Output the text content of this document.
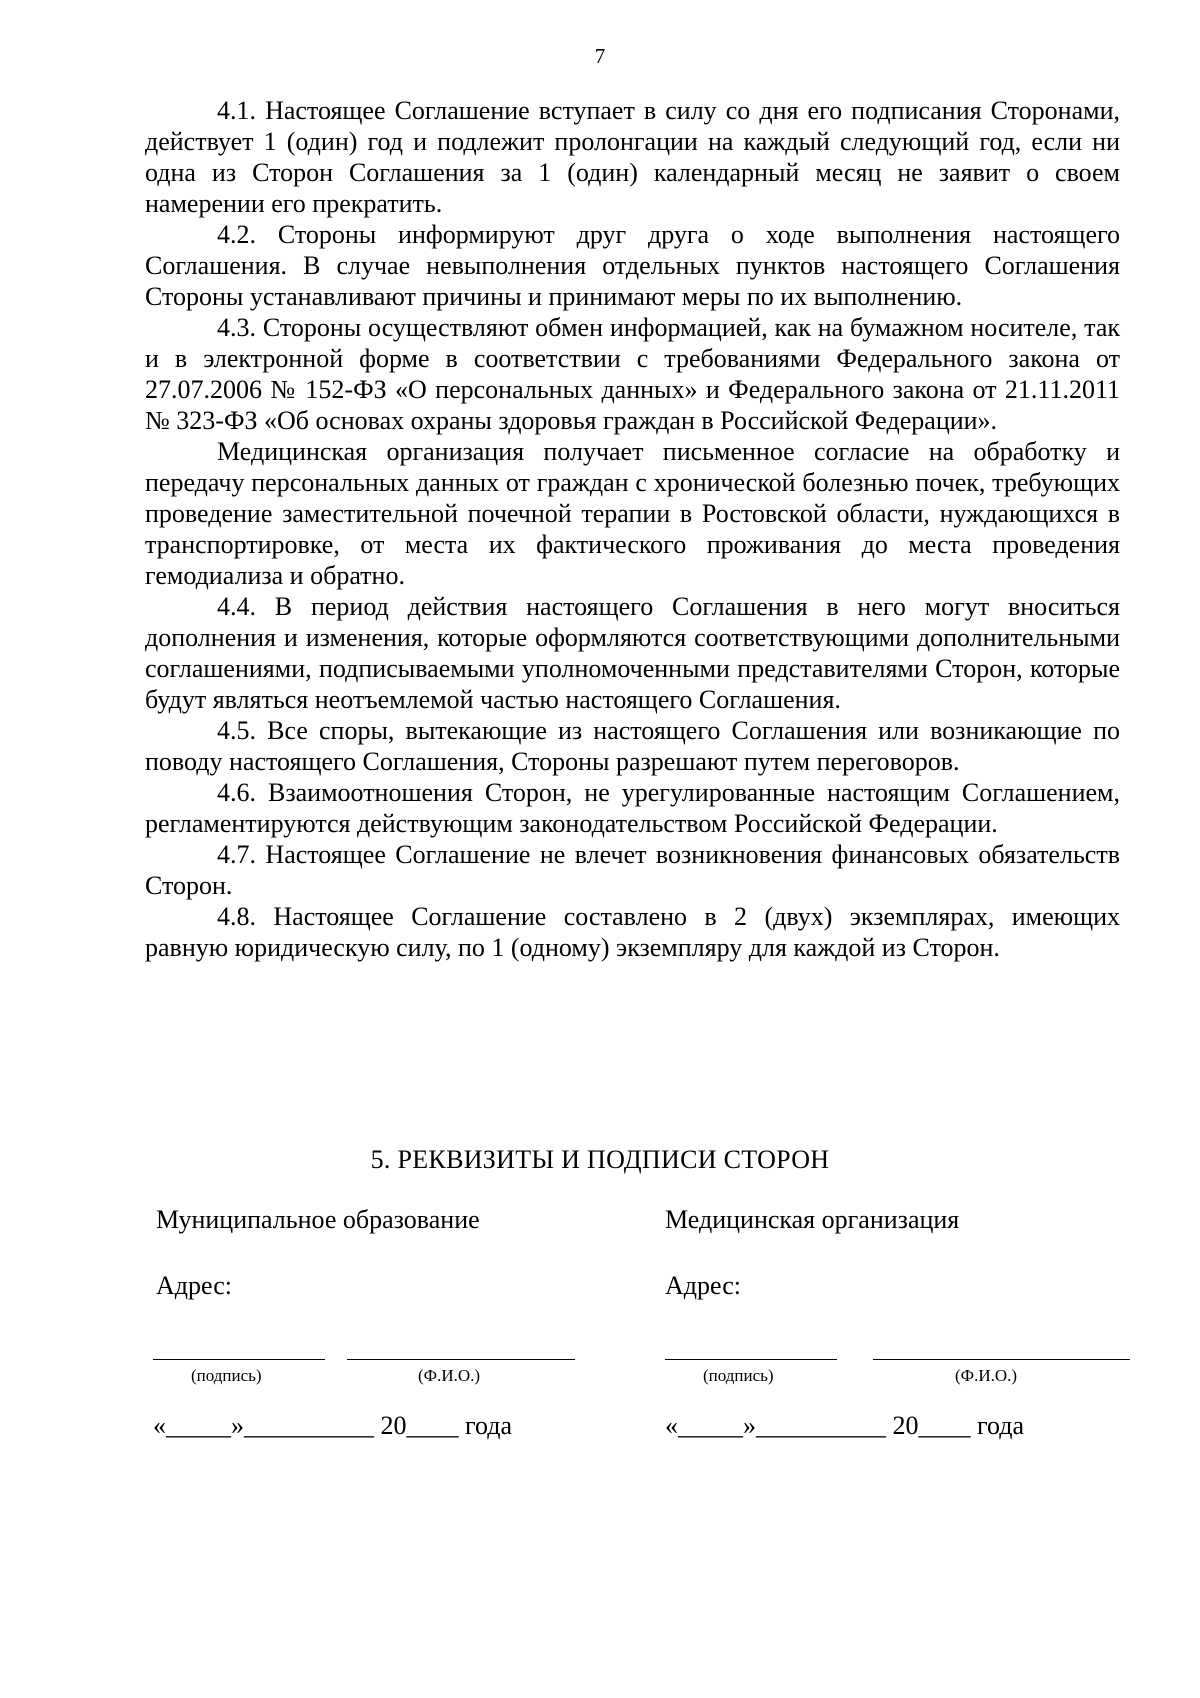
7

4.1. Настоящее Соглашение вступает в силу со дня его подписания Сторонами, действует 1 (один) год и подлежит пролонгации на каждый следующий год, если ни одна из Сторон Соглашения за 1 (один) календарный месяц не заявит о своем намерении его прекратить.

4.2. Стороны информируют друг друга о ходе выполнения настоящего Соглашения. В случае невыполнения отдельных пунктов настоящего Соглашения Стороны устанавливают причины и принимают меры по их выполнению.

4.3. Стороны осуществляют обмен информацией, как на бумажном носителе, так и в электронной форме в соответствии с требованиями Федерального закона от 27.07.2006 № 152-ФЗ «О персональных данных» и Федерального закона от 21.11.2011 № 323-ФЗ «Об основах охраны здоровья граждан в Российской Федерации».

Медицинская организация получает письменное согласие на обработку и передачу персональных данных от граждан с хронической болезнью почек, требующих проведение заместительной почечной терапии в Ростовской области, нуждающихся в транспортировке, от места их фактического проживания до места проведения гемодиализа и обратно.

4.4. В период действия настоящего Соглашения в него могут вноситься дополнения и изменения, которые оформляются соответствующими дополнительными соглашениями, подписываемыми уполномоченными представителями Сторон, которые будут являться неотъемлемой частью настоящего Соглашения.

4.5. Все споры, вытекающие из настоящего Соглашения или возникающие по поводу настоящего Соглашения, Стороны разрешают путем переговоров.

4.6. Взаимоотношения Сторон, не урегулированные настоящим Соглашением, регламентируются действующим законодательством Российской Федерации.

4.7. Настоящее Соглашение не влечет возникновения финансовых обязательств Сторон.

4.8. Настоящее Соглашение составлено в 2 (двух) экземплярах, имеющих равную юридическую силу, по 1 (одному) экземпляру для каждой из Сторон.

5. РЕКВИЗИТЫ И ПОДПИСИ СТОРОН
Муниципальное образование
Адрес:
(подпись)	(Ф.И.О.)
«_____»__________ 20____ года
Медицинская организация
Адрес:
(подпись)	(Ф.И.О.)
«_____»__________ 20____ года
